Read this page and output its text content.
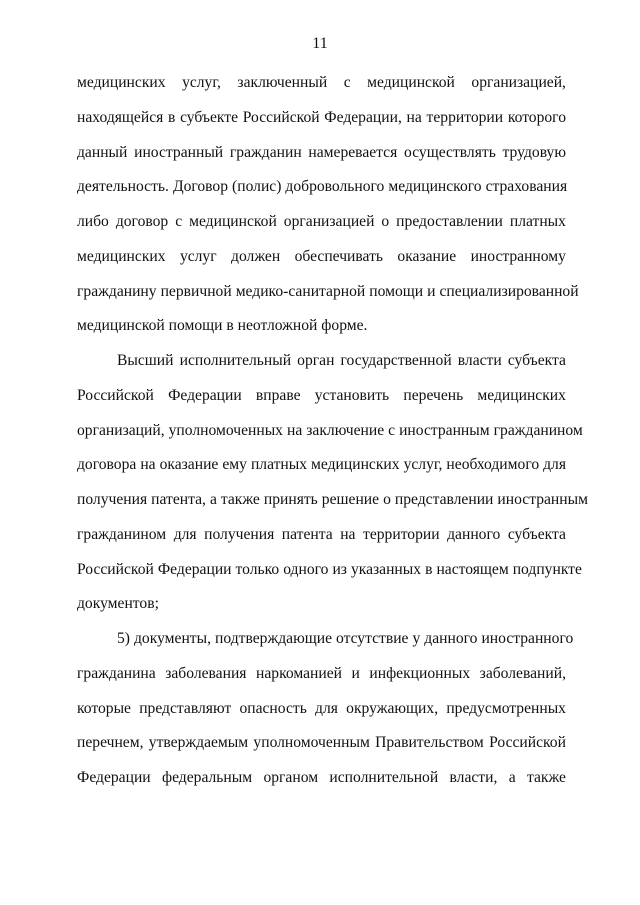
11
медицинских услуг, заключенный с медицинской организацией,
находящейся в субъекте Российской Федерации, на территории которого
данный иностранный гражданин намеревается осуществлять трудовую
деятельность. Договор (полис) добровольного медицинского страхования
либо договор с медицинской организацией о предоставлении платных
медицинских услуг должен обеспечивать оказание иностранному
гражданину первичной медико-санитарной помощи и специализированной
медицинской помощи в неотложной форме.
Высший исполнительный орган государственной власти субъекта
Российской Федерации вправе установить перечень медицинских
организаций, уполномоченных на заключение с иностранным гражданином
договора на оказание ему платных медицинских услуг, необходимого для
получения патента, а также принять решение о представлении иностранным
гражданином для получения патента на территории данного субъекта
Российской Федерации только одного из указанных в настоящем подпункте
документов;
5) документы, подтверждающие отсутствие у данного иностранного
гражданина заболевания наркоманией и инфекционных заболеваний,
которые представляют опасность для окружающих, предусмотренных
перечнем, утверждаемым уполномоченным Правительством Российской
Федерации федеральным органом исполнительной власти, а также
